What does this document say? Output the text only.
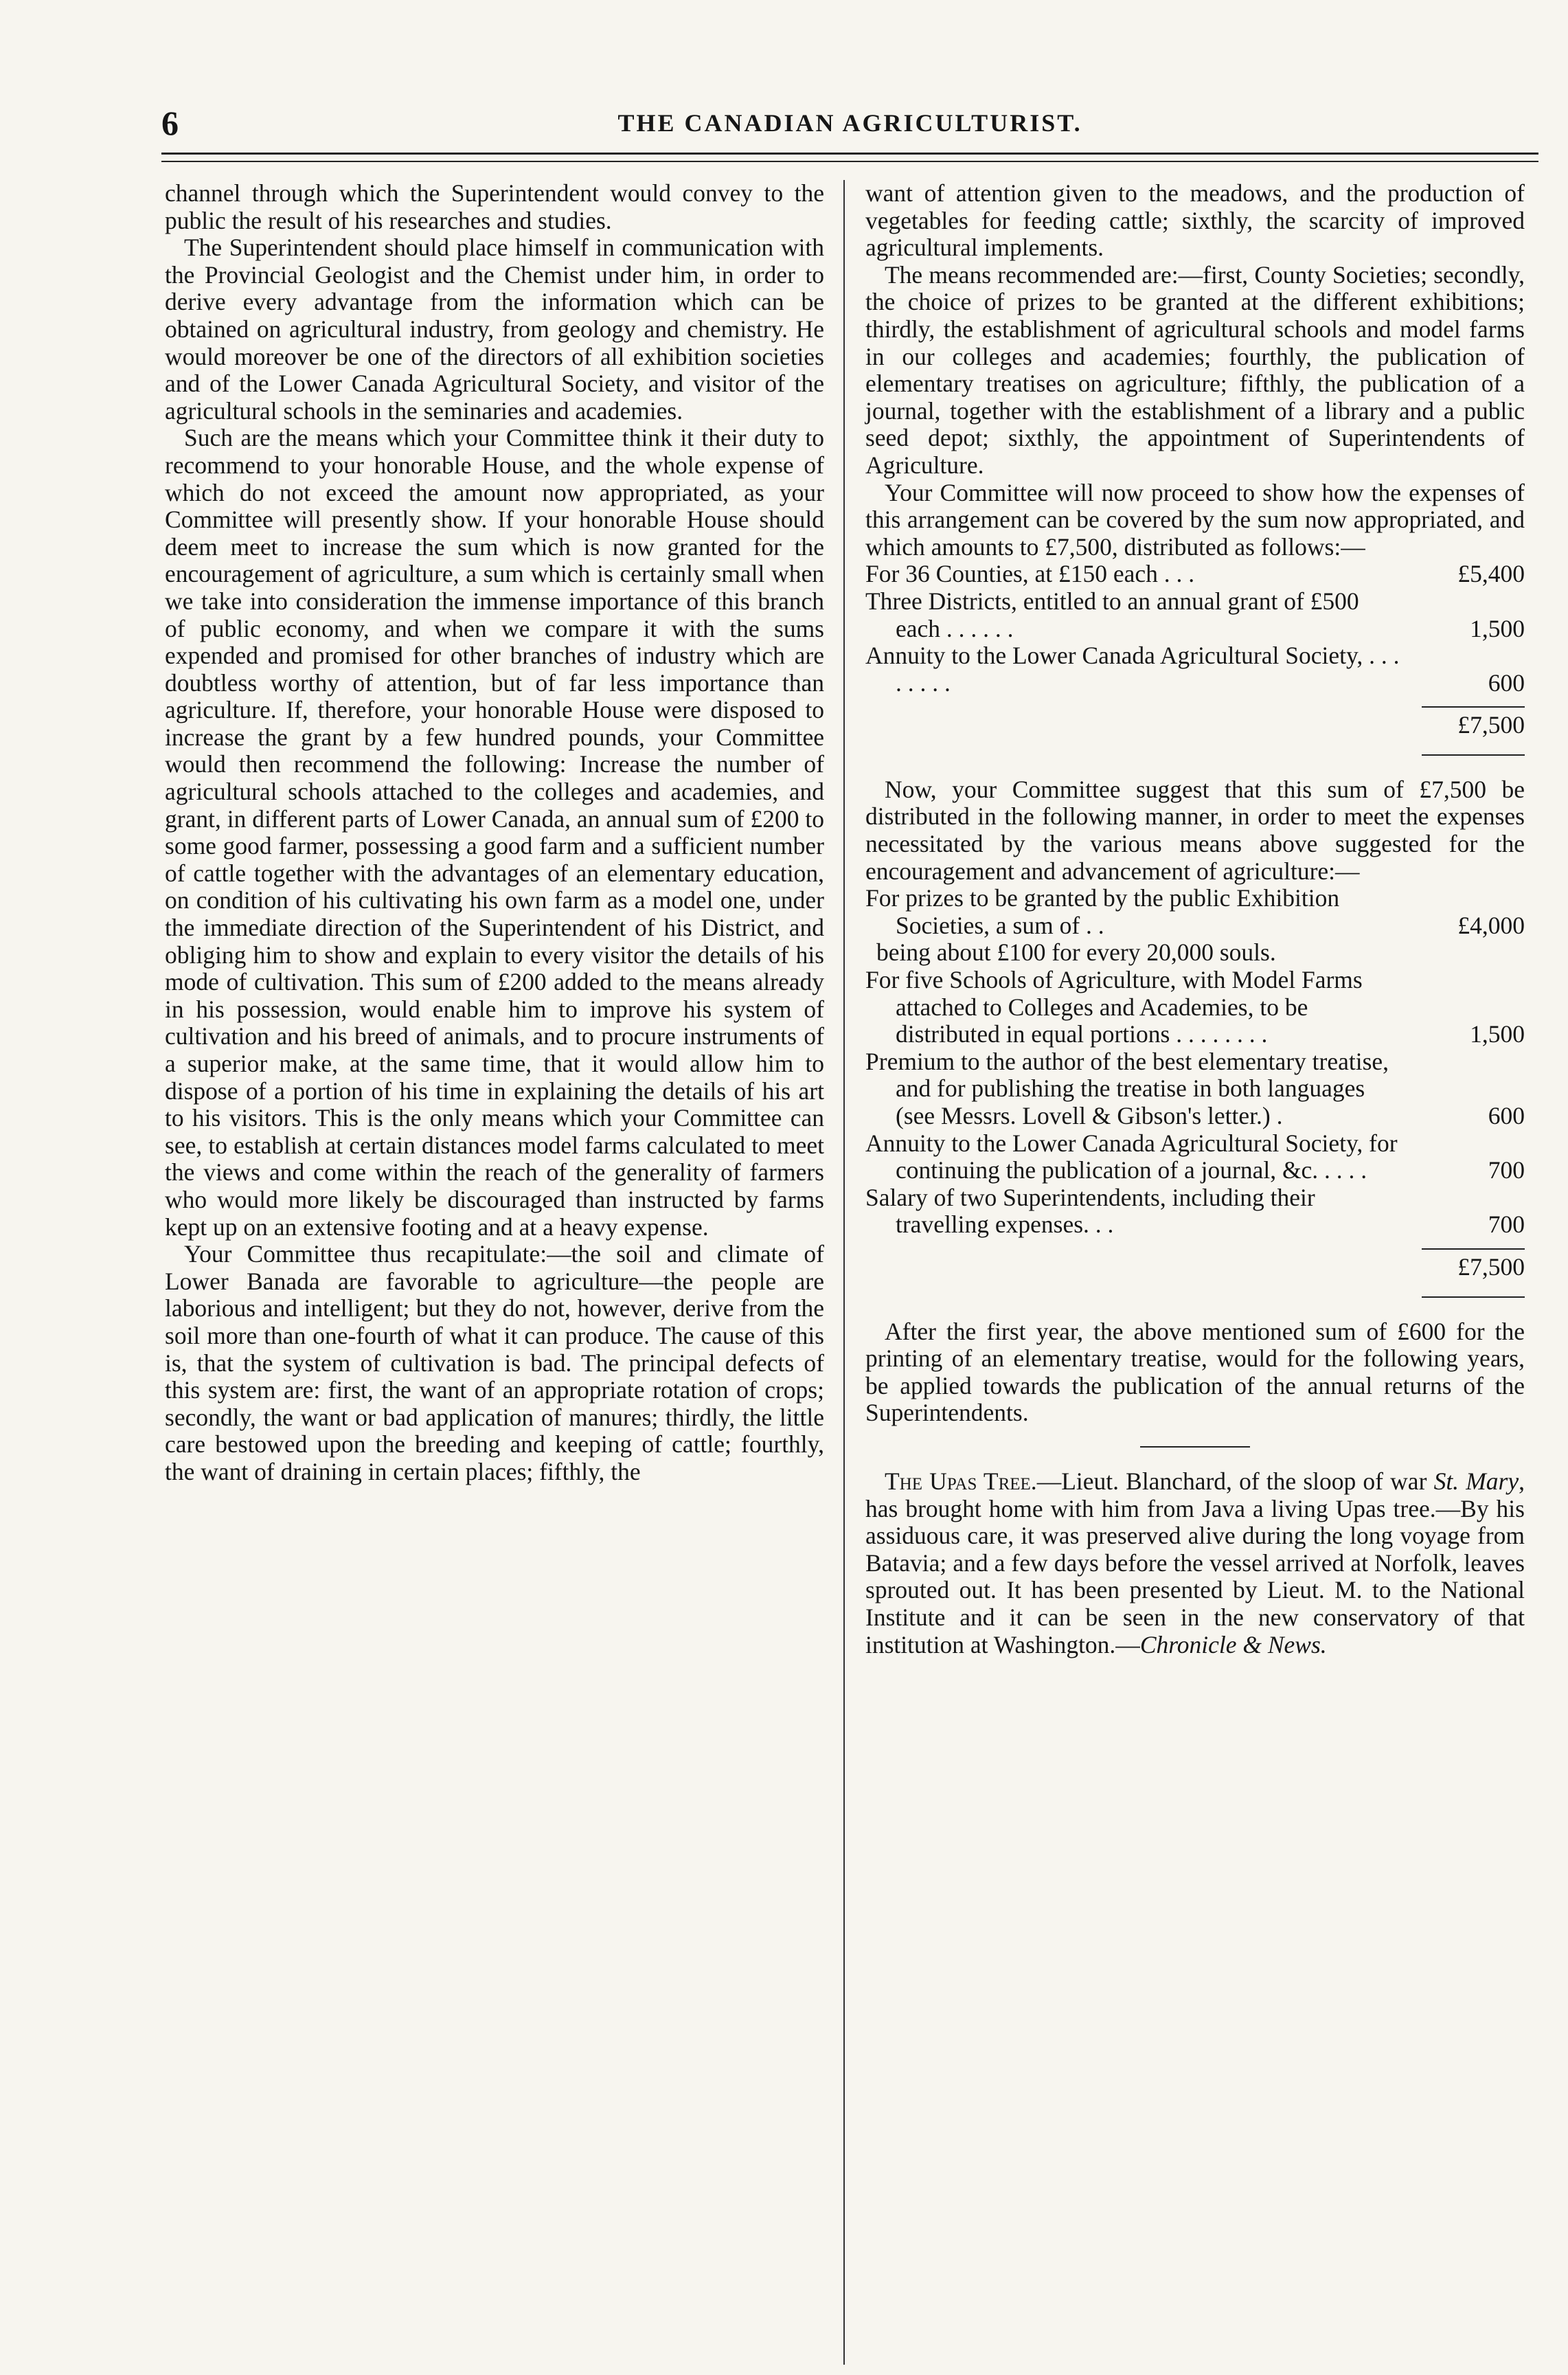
6	THE CANADIAN AGRICULTURIST.

channel through which the Superintendent would convey to the public the result of his researches and studies.

The Superintendent should place himself in communication with the Provincial Geologist and the Chemist under him, in order to derive every advantage from the information which can be obtained on agricultural industry, from geology and chemistry. He would moreover be one of the directors of all exhibition societies and of the Lower Canada Agricultural Society, and visitor of the agricultural schools in the seminaries and academies.

Such are the means which your Committee think it their duty to recommend to your honorable House, and the whole expense of which do not exceed the amount now appropriated, as your Committee will presently show. If your honorable House should deem meet to increase the sum which is now granted for the encouragement of agriculture, a sum which is certainly small when we take into consideration the immense importance of this branch of public economy, and when we compare it with the sums expended and promised for other branches of industry which are doubtless worthy of attention, but of far less importance than agriculture. If, therefore, your honorable House were disposed to increase the grant by a few hundred pounds, your Committee would then recommend the following: Increase the number of agricultural schools attached to the colleges and academies, and grant, in different parts of Lower Canada, an annual sum of £200 to some good farmer, possessing a good farm and a sufficient number of cattle together with the advantages of an elementary education, on condition of his cultivating his own farm as a model one, under the immediate direction of the Superintendent of his District, and obliging him to show and explain to every visitor the details of his mode of cultivation. This sum of £200 added to the means already in his possession, would enable him to improve his system of cultivation and his breed of animals, and to procure instruments of a superior make, at the same time, that it would allow him to dispose of a portion of his time in explaining the details of his art to his visitors. This is the only means which your Committee can see, to establish at certain distances model farms calculated to meet the views and come within the reach of the generality of farmers who would more likely be discouraged than instructed by farms kept up on an extensive footing and at a heavy expense.

Your Committee thus recapitulate:—the soil and climate of Lower Banada are favorable to agriculture—the people are laborious and intelligent; but they do not, however, derive from the soil more than one-fourth of what it can produce. The cause of this is, that the system of cultivation is bad. The principal defects of this system are: first, the want of an appropriate rotation of crops; secondly, the want or bad application of manures; thirdly, the little care bestowed upon the breeding and keeping of cattle; fourthly, the want of draining in certain places; fifthly, the

want of attention given to the meadows, and the production of vegetables for feeding cattle; sixthly, the scarcity of improved agricultural implements.

The means recommended are:—first, County Societies; secondly, the choice of prizes to be granted at the different exhibitions; thirdly, the establishment of agricultural schools and model farms in our colleges and academies; fourthly, the publication of elementary treatises on agriculture; fifthly, the publication of a journal, together with the establishment of a library and a public seed depot; sixthly, the appointment of Superintendents of Agriculture.

Your Committee will now proceed to show how the expenses of this arrangement can be covered by the sum now appropriated, and which amounts to £7,500, distributed as follows:—

For 36 Counties, at £150 each . . .	£5,400
Three Districts, entitled to an annual grant of £500 each . . . . . .	1,500
Annuity to the Lower Canada Agricultural Society, . . . . . . . .	600
£7,500

Now, your Committee suggest that this sum of £7,500 be distributed in the following manner, in order to meet the expenses necessitated by the various means above suggested for the encouragement and advancement of agriculture:—

For prizes to be granted by the public Exhibition Societies, a sum of . .	£4,000
being about £100 for every 20,000 souls.
For five Schools of Agriculture, with Model Farms attached to Colleges and Academies, to be distributed in equal portions . . . . . . . .	1,500
Premium to the author of the best elementary treatise, and for publishing the treatise in both languages (see Messrs. Lovell & Gibson's letter.) .	600
Annuity to the Lower Canada Agricultural Society, for continuing the publication of a journal, &c. . . . .	700
Salary of two Superintendents, including their travelling expenses. . .	700
£7,500

After the first year, the above mentioned sum of £600 for the printing of an elementary treatise, would for the following years, be applied towards the publication of the annual returns of the Superintendents.

The Upas Tree.—Lieut. Blanchard, of the sloop of war St. Mary, has brought home with him from Java a living Upas tree.—By his assiduous care, it was preserved alive during the long voyage from Batavia; and a few days before the vessel arrived at Norfolk, leaves sprouted out. It has been presented by Lieut. M. to the National Institute and it can be seen in the new conservatory of that institution at Washington.—Chronicle & News.
